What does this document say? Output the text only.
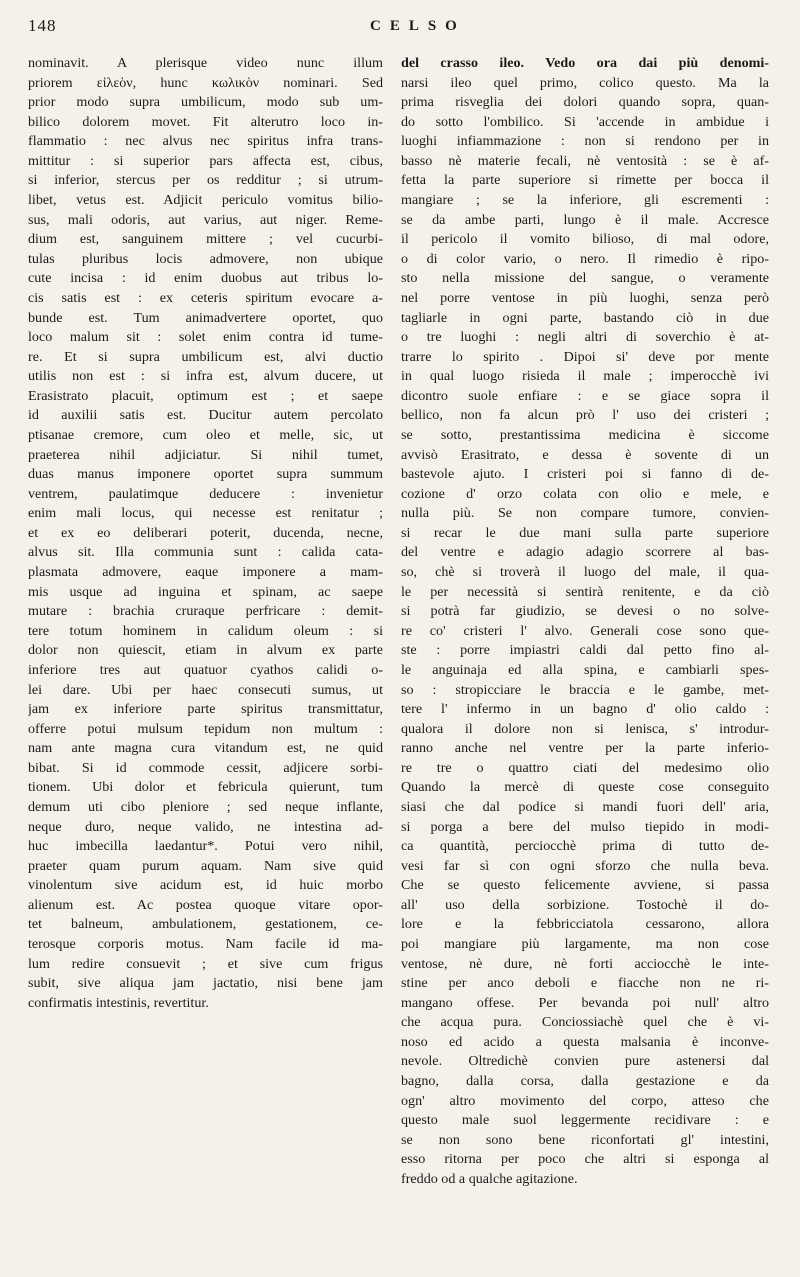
148	CELSO
nominavit. A plerisque video nunc illum
priorem εἰλεὸν, hunc κωλικὸν nominari. Sed
prior modo supra umbilicum, modo sub um-
bilico dolorem movet. Fit alterutro loco in-
flammatio : nec alvus nec spiritus infra trans-
mittitur : si superior pars affecta est, cibus,
si inferior, stercus per os redditur ; si utrum-
libet, vetus est. Adjicit periculo vomitus bilio-
sus, mali odoris, aut varius, aut niger. Reme-
dium est, sanguinem mittere ; vel cucurbi-
tulas pluribus locis admovere, non ubique
cute incisa : id enim duobus aut tribus lo-
cis satis est : ex ceteris spiritum evocare a-
bunde est. Tum animadvertere oportet, quo
loco malum sit : solet enim contra id tume-
re. Et si supra umbilicum est, alvi ductio
utilis non est : si infra est, alvum ducere, ut
Erasistrato placuit, optimum est ; et saepe
id auxilii satis est. Ducitur autem percolato
ptisanae cremore, cum oleo et melle, sic, ut
praeterea nihil adjiciatur. Si nihil tumet,
duas manus imponere oportet supra summum
ventrem, paulatimque deducere : invenietur
enim mali locus, qui necesse est renitatur ;
et ex eo deliberari poterit, ducenda, necne,
alvus sit. Illa communia sunt : calida cata-
plasmata admovere, eaque imponere a mam-
mis usque ad inguina et spinam, ac saepe
mutare : brachia cruraque perfricare : demit-
tere totum hominem in calidum oleum : si
dolor non quiescit, etiam in alvum ex parte
inferiore tres aut quatuor cyathos calidi o-
lei dare. Ubi per haec consecuti sumus, ut
jam ex inferiore parte spiritus transmittatur,
offerre potui mulsum tepidum non multum :
nam ante magna cura vitandum est, ne quid
bibat. Si id commode cessit, adjicere sorbi-
tionem. Ubi dolor et febricula quierunt, tum
demum uti cibo pleniore ; sed neque inflante,
neque duro, neque valido, ne intestina ad-
huc imbecilla laedantur*. Potui vero nihil,
praeter quam purum aquam. Nam sive quid
vinolentum sive acidum est, id huic morbo
alienum est. Ac postea quoque vitare opor-
tet balneum, ambulationem, gestationem, ce-
terosque corporis motus. Nam facile id ma-
lum redire consuevit ; et sive cum frigus
subit, sive aliqua jam jactatio, nisi bene jam
confirmatis intestinis, revertitur.
del crasso ileo. Vedo ora dai più denomi-
narsi ileo quel primo, colico questo. Ma la
prima risveglia dei dolori quando sopra, quan-
do sotto l'ombilico. Si 'accende in ambidue i
luoghi infiammazione : non si rendono per in
basso nè materie fecali, nè ventosità : se è af-
fetta la parte superiore si rimette per bocca il
mangiare ; se la inferiore, gli escrementi :
se da ambe parti, lungo è il male. Accresce
il pericolo il vomito bilioso, di mal odore,
o di color vario, o nero. Il rimedio è ripo-
sto nella missione del sangue, o veramente
nel porre ventose in più luoghi, senza però
tagliarle in ogni parte, bastando ciò in due
o tre luoghi : negli altri di soverchio è at-
trarre lo spirito . Dipoi si' deve por mente
in qual luogo risieda il male ; imperocchè ivi
dicontro suole enfiare : e se giace sopra il
bellico, non fa alcun prò l' uso dei cristeri ;
se sotto, prestantissima medicina è siccome
avvisò Erasitrato, e dessa è sovente di un
bastevole ajuto. I cristeri poi si fanno di de-
cozione d' orzo colata con olio e mele, e
nulla più. Se non compare tumore, convien-
si recar le due mani sulla parte superiore
del ventre e adagio adagio scorrere al bas-
so, chè si troverà il luogo del male, il qua-
le per necessità si sentirà renitente, e da ciò
si potrà far giudizio, se devesi o no solve-
re co' cristeri l' alvo. Generali cose sono que-
ste : porre impiastri caldi dal petto fino al-
le anguinaja ed alla spina, e cambiarli spes-
so : stropicciare le braccia e le gambe, met-
tere l' infermo in un bagno d' olio caldo :
qualora il dolore non si lenisca, s' introdur-
ranno anche nel ventre per la parte inferio-
re tre o quattro ciati del medesimo olio
Quando la mercè di queste cose conseguito
siasi che dal podice si mandi fuori dell' aria,
si porga a bere del mulso tiepido in modi-
ca quantità, perciocchè prima di tutto de-
vesi far sì con ogni sforzo che nulla beva.
Che se questo felicemente avviene, si passa
all' uso della sorbizione. Tostochè il do-
lore e la febbricciatola cessarono, allora
poi mangiare più largamente, ma non cose
ventose, nè dure, nè forti acciocchè le inte-
stine per anco deboli e fiacche non ne ri-
mangano offese. Per bevanda poi null' altro
che acqua pura. Conciossiachè quel che è vi-
noso ed acido a questa malsania è inconve-
nevole. Oltredichè convien pure astenersi dal
bagno, dalla corsa, dalla gestazione e da
ogn' altro movimento del corpo, atteso che
questo male suol leggermente recidivare : e
se non sono bene riconfortati gl' intestini,
esso ritorna per poco che altri si esponga al
freddo od a qualche agitazione.
